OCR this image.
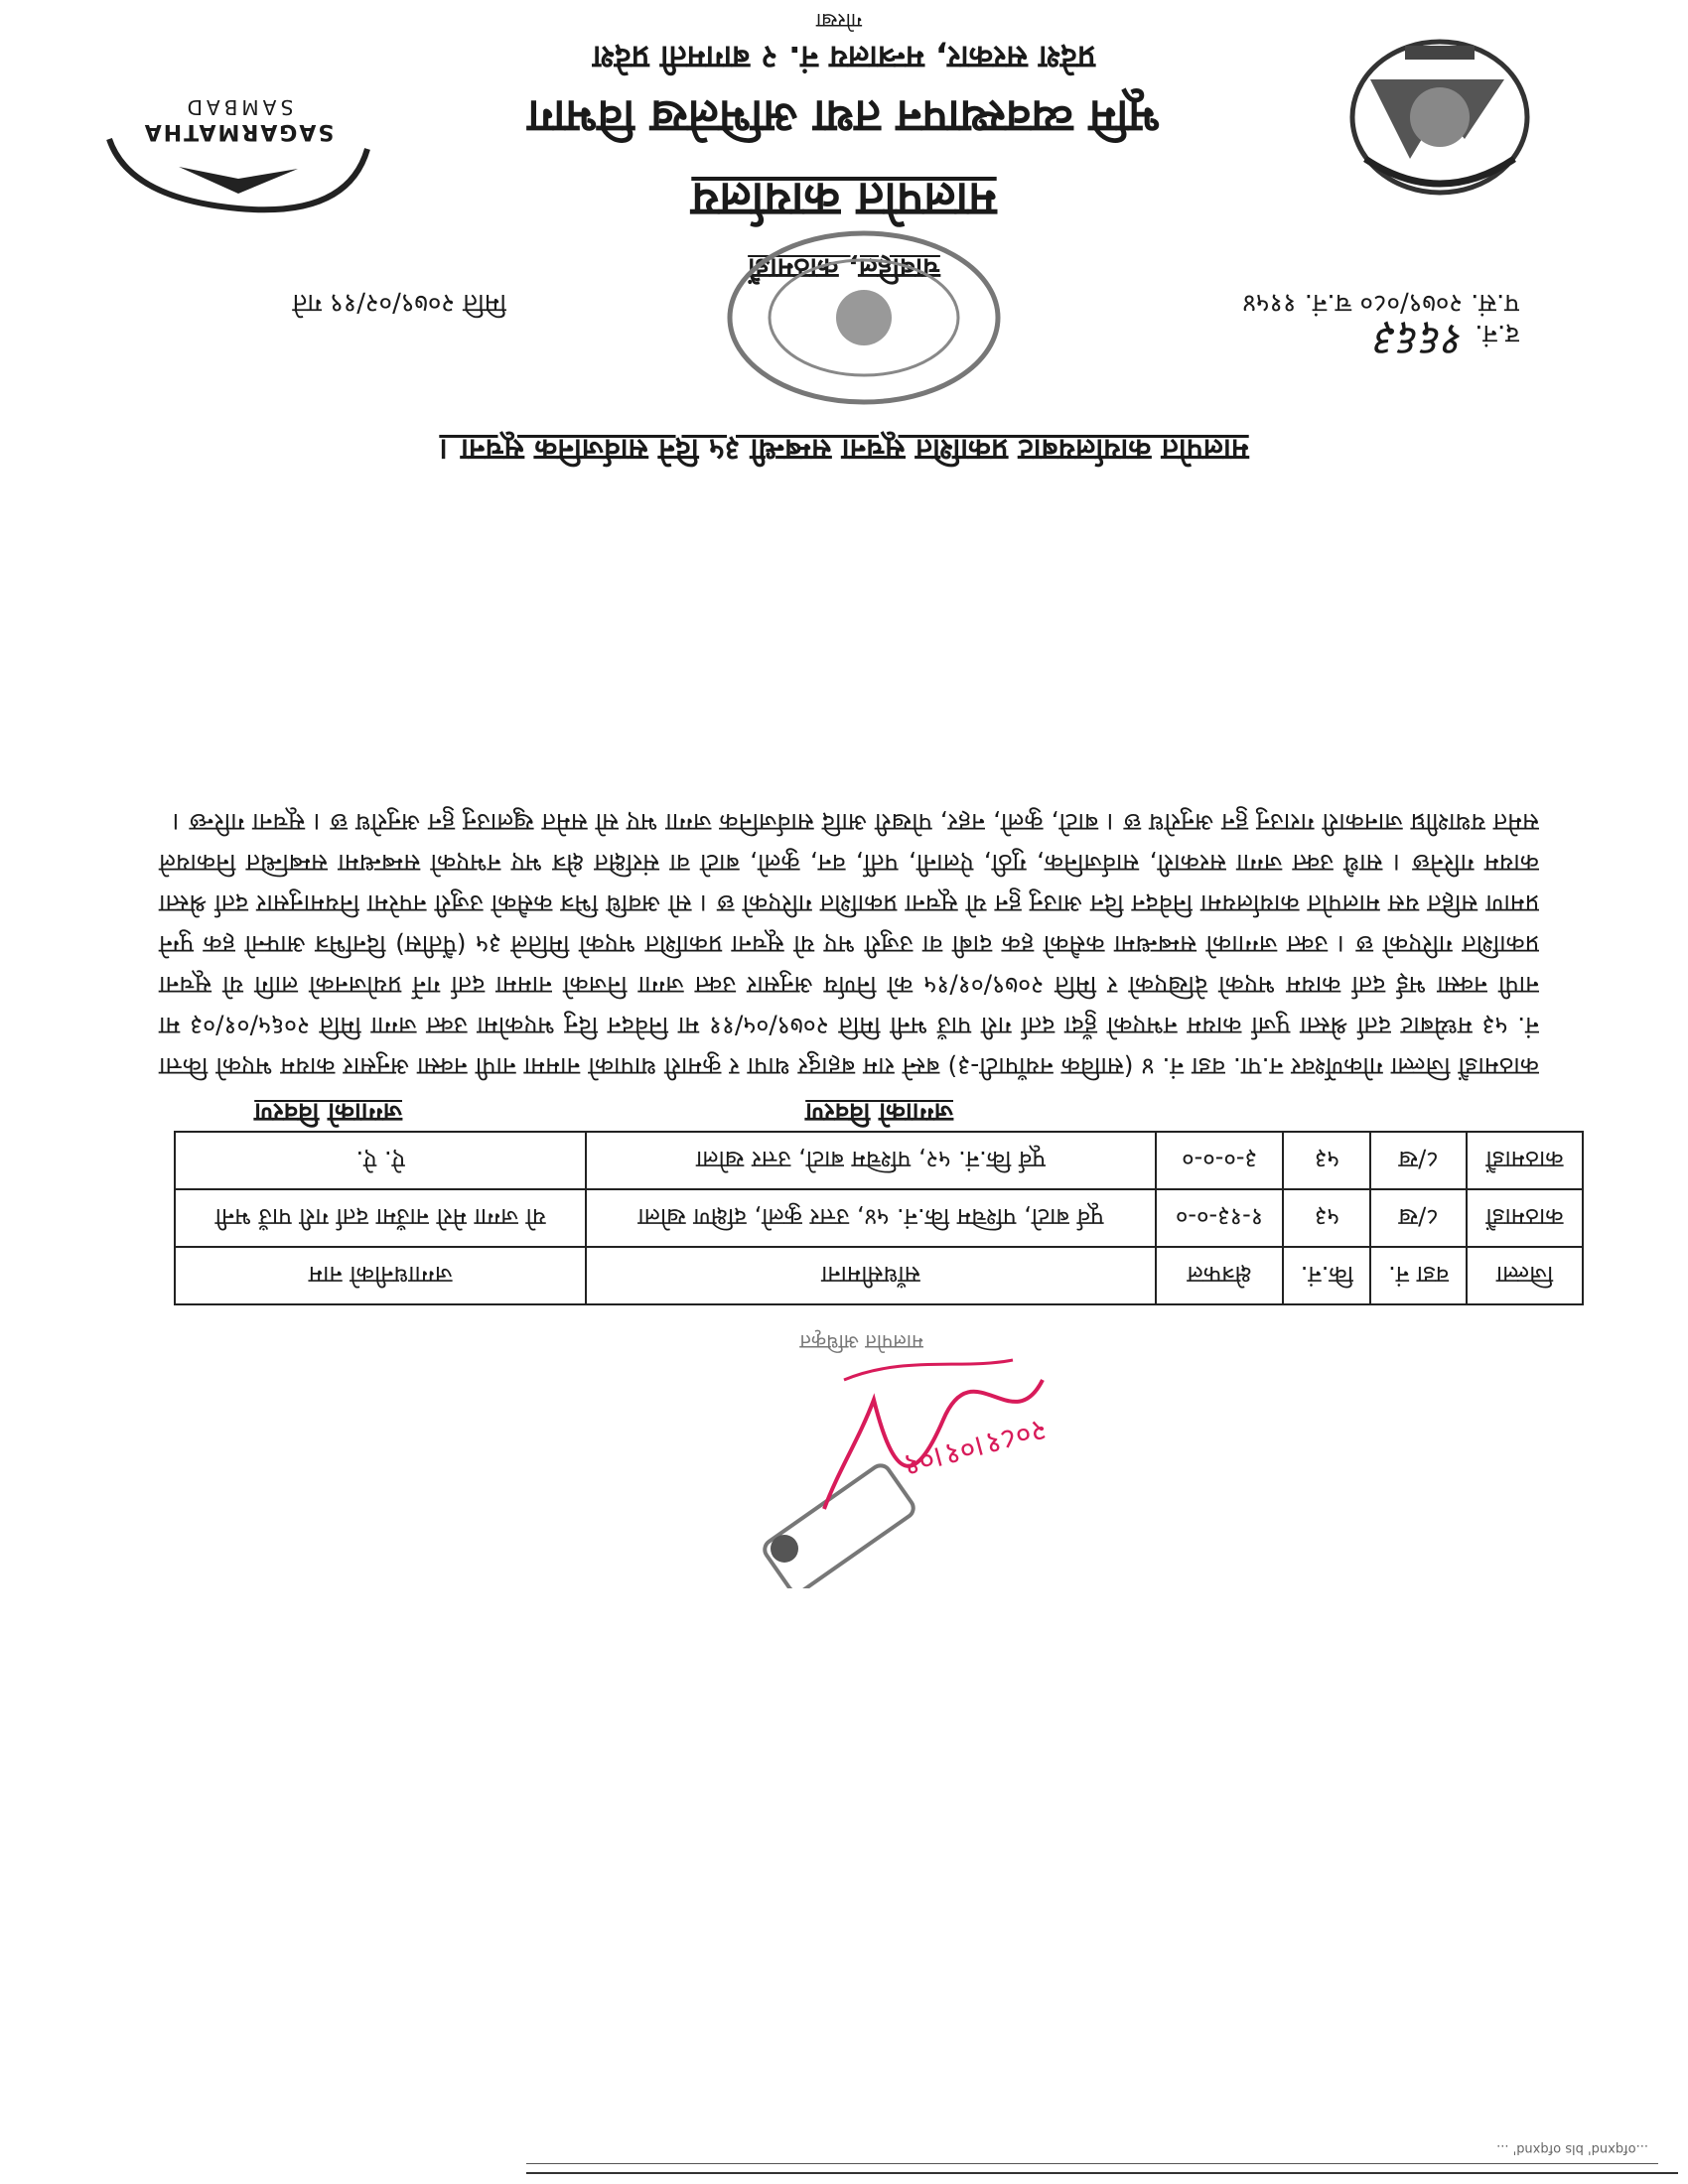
...ofqxnd' bls ofqxnd' ...
SAGARMATHA
SAMBAD
गोरखा
प्रदेश सरकार, मन्त्रालय नं. २ बागमती प्रदेश
भूमि व्यवस्थापन तथा अभिलेख विभाग
मालपोत कार्यालय
चाबहिल, काठमाडौं
प.सं. २०७९/०८० च.नं. ११५४
द.नं. १६६३
मिति २०७९/०२/१९ गते
मालपोत कार्यालयबाट प्रकाशित सूचना सम्बन्धी ३५ दिने सार्वजनिक सूचना ।
काठमाडौं जिल्ला गोकर्णेश्वर न.पा. वडा नं. ४ (साविक नयाँपाटी-३) बस्ने राम बहादुर थापा र कुमारी थापाको नाममा नापी नक्सा अनुसार कायम भएको कित्ता नं. ५३ मध्येबाट दर्ता श्रेस्ता पुर्जा कायम नभएको हुँदा दर्ता गरी पाउँ भनी मिति २०७९/०५/११ मा निवेदन दिनु भएकोमा उक्त जग्गा मिति २०६५/०१/०३ मा नापी नक्सा भई दर्ता कायम भएको देखिएको र मिति २०७९/०१/१५ को निर्णय अनुसार उक्त जग्गा निजको नाममा दर्ता गर्ने प्रयोजनको लागि यो सूचना प्रकाशित गरिएको छ । उक्त जग्गाको सम्बन्धमा कसैको हक दाबी वा उजुरी भए यो सूचना प्रकाशित भएको मितिले ३५ (पैंतीस) दिनभित्र आफ्नो हक पुग्ने प्रमाण सहित यस मालपोत कार्यालयमा निवेदन दिन आउनु हुन यो सूचना प्रकाशित गरिएको छ । सो अवधि भित्र कसैको उजुरी नपरेमा नियमानुसार दर्ता श्रेस्ता कायम गरिनेछ । साथै उक्त जग्गा सरकारी, सार्वजनिक, गुठी, ऐलानी, पर्ती, वन, कुलो, बाटो वा संरक्षित क्षेत्र भए नभएको सम्बन्धमा सम्बन्धित निकायले समेत यथाशीघ्र जानकारी गराउनु हुन अनुरोध छ । बाटो, कुलो, नहर, पोखरी आदि सार्वजनिक जग्गा भए सो समेत खुलाउनु हुन अनुरोध छ । सूचना गरिन्छ ।
जग्गाको विवरण	जग्गाको विवरण
जिल्ला	वडा नं.	कि.नं.	क्षेत्रफल	साँधसीमाना	जग्गाधनीको नाम
काठमाडौं	८/ख	५३	१-१३-०-०	पूर्व बाटो, पश्चिम कि.नं. ५४, उत्तर कुलो, दक्षिण खोला	यो जग्गा मेरो नाउँमा दर्ता गरी पाउँ भनी
काठमाडौं	८/ख	५३	३-०-०-०	पूर्व कि.नं. ५२, पश्चिम बाटो, उत्तर खोला	ऐ. ऐ.
२०८१।०१।०१
मालपोत अधिकृत
